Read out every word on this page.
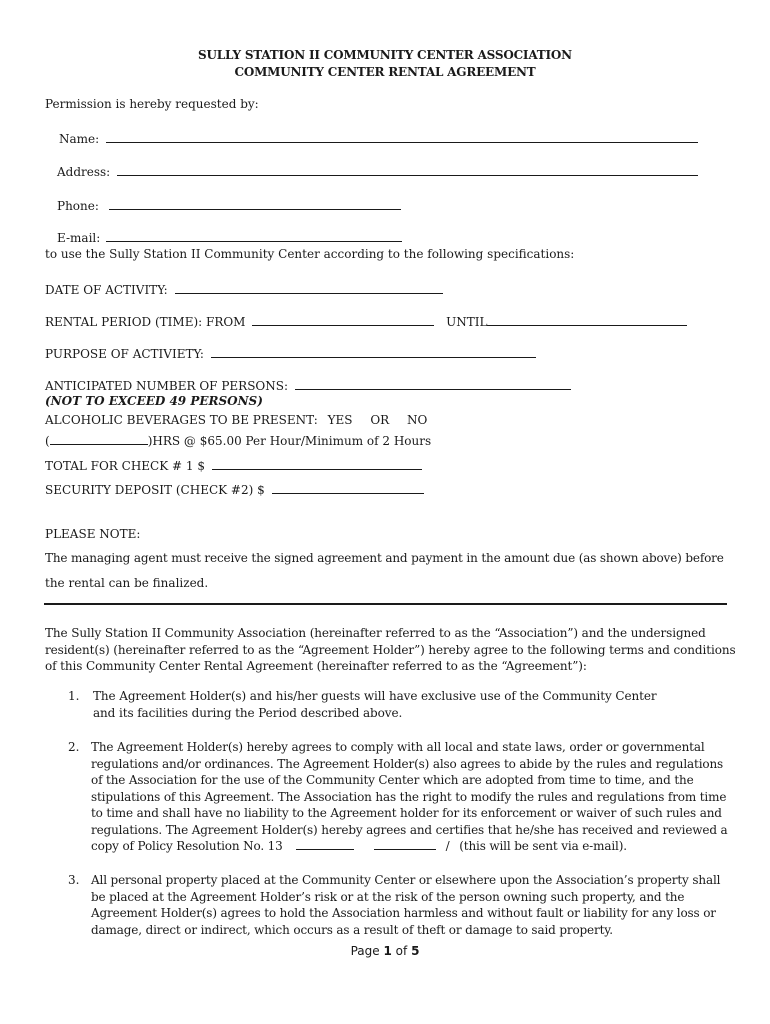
SULLY STATION II COMMUNITY CENTER ASSOCIATION
COMMUNITY CENTER RENTAL AGREEMENT
Permission is hereby requested by:
Name:
Address:
Phone:
E-mail:
to use the Sully Station II Community Center according to the following specifications:
DATE OF ACTIVITY:
RENTAL PERIOD (TIME): FROM	UNTIL
PURPOSE OF ACTIVIETY:
ANTICIPATED NUMBER OF PERSONS:
(NOT TO EXCEED 49 PERSONS)
ALCOHOLIC BEVERAGES TO BE PRESENT: YES OR NO
(	)HRS @ $65.00 Per Hour/Minimum of 2 Hours
TOTAL FOR CHECK # 1 $
SECURITY DEPOSIT (CHECK #2) $
PLEASE NOTE:
The managing agent must receive the signed agreement and payment in the amount due (as shown above) before
the rental can be finalized.
The Sully Station II Community Association (hereinafter referred to as the “Association”) and the undersigned
resident(s) (hereinafter referred to as the “Agreement Holder”) hereby agree to the following terms and conditions
of this Community Center Rental Agreement (hereinafter referred to as the “Agreement”):
1. The Agreement Holder(s) and his/her guests will have exclusive use of the Community Center
and its facilities during the Period described above.
2. The Agreement Holder(s) hereby agrees to comply with all local and state laws, order or governmental
regulations and/or ordinances. The Agreement Holder(s) also agrees to abide by the rules and regulations
of the Association for the use of the Community Center which are adopted from time to time, and the
stipulations of this Agreement. The Association has the right to modify the rules and regulations from time
to time and shall have no liability to the Agreement holder for its enforcement or waiver of such rules and
regulations. The Agreement Holder(s) hereby agrees and certifies that he/she has received and reviewed a
copy of Policy Resolution No. 13	/ (this will be sent via e-mail).
3. All personal property placed at the Community Center or elsewhere upon the Association’s property shall
be placed at the Agreement Holder’s risk or at the risk of the person owning such property, and the
Agreement Holder(s) agrees to hold the Association harmless and without fault or liability for any loss or
damage, direct or indirect, which occurs as a result of theft or damage to said property.
Page 1 of 5
